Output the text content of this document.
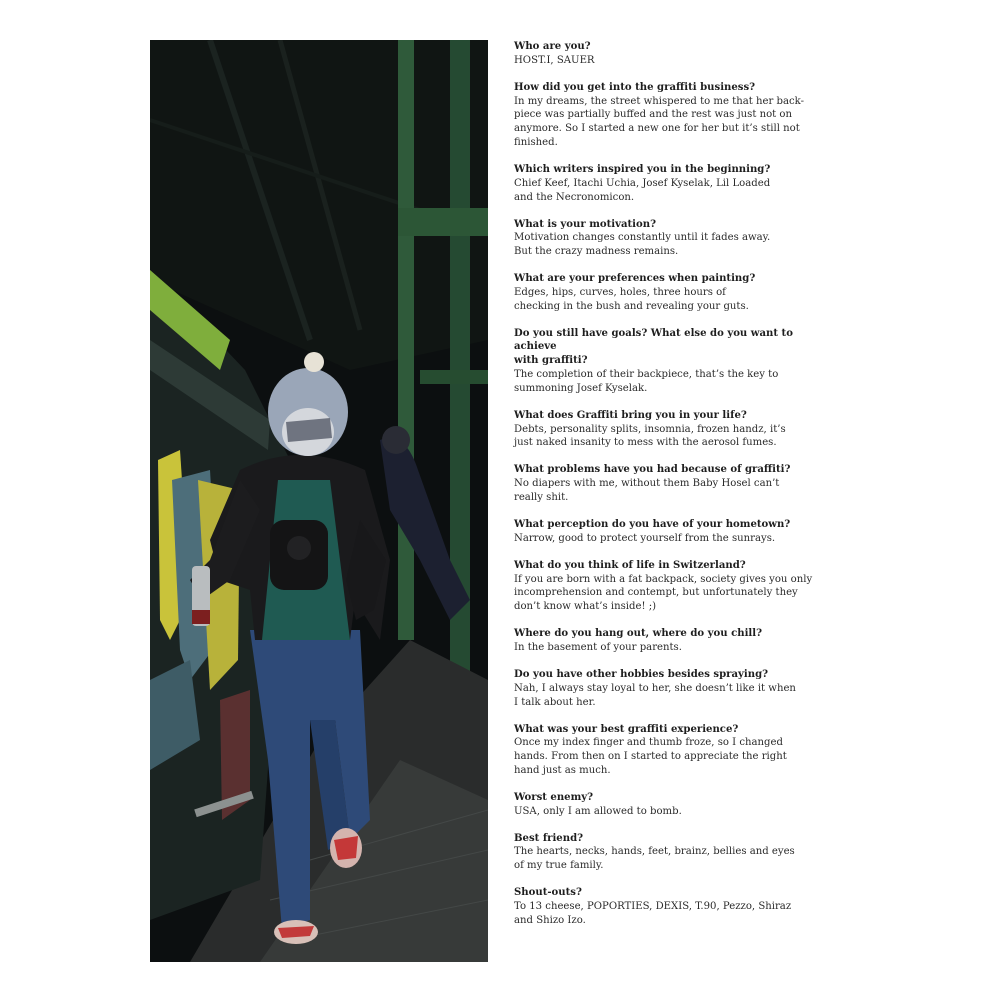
Who are you?

HOST.I, SAUER

How did you get into the graffiti business?

In my dreams, the street whispered to me that her back-

piece was partially buffed and the rest was just not on

anymore. So I started a new one for her but it’s still not

finished.

Which writers inspired you in the beginning?

Chief Keef, Itachi Uchia, Josef Kyselak, Lil Loaded

and the Necronomicon.

What is your motivation?

Motivation changes constantly until it fades away.

But the crazy madness remains.

What are your preferences when painting?

Edges, hips, curves, holes, three hours of

checking in the bush and revealing your guts.

Do you still have goals? What else do you want to achieve

with graffiti?

The completion of their backpiece, that’s the key to

summoning Josef Kyselak.

What does Graffiti bring you in your life?

Debts, personality splits, insomnia, frozen handz, it’s

just naked insanity to mess with the aerosol fumes.

What problems have you had because of graffiti?

No diapers with me, without them Baby Hosel can’t

really shit.

What perception do you have of your hometown?

Narrow, good to protect yourself from the sunrays.

What do you think of life in Switzerland?

If you are born with a fat backpack, society gives you only

incomprehension and contempt, but unfortunately they

don’t know what’s inside! ;)

Where do you hang out, where do you chill?

In the basement of your parents.

Do you have other hobbies besides spraying?

Nah, I always stay loyal to her, she doesn’t like it when

I talk about her.

What was your best graffiti experience?

Once my index finger and thumb froze, so I changed

hands. From then on I started to appreciate the right

hand just as much.

Worst enemy?

USA, only I am allowed to bomb.

Best friend?

The hearts, necks, hands, feet, brainz, bellies and eyes

of my true family.

Shout-outs?

To 13 cheese, POPORTIES, DEXIS, T.90, Pezzo, Shiraz

and Shizo Izo.
